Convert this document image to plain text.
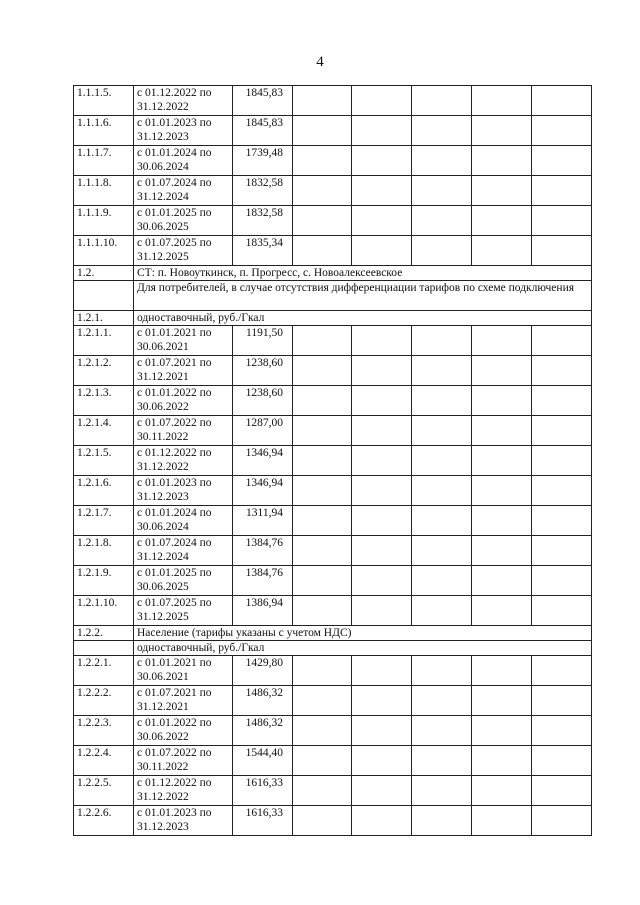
4
1.1.1.5.	с 01.12.2022 по 31.12.2022	1845,83					
1.1.1.6.	с 01.01.2023 по 31.12.2023	1845,83					
1.1.1.7.	с 01.01.2024 по 30.06.2024	1739,48					
1.1.1.8.	с 01.07.2024 по 31.12.2024	1832,58					
1.1.1.9.	с 01.01.2025 по 30.06.2025	1832,58					
1.1.1.10.	с 01.07.2025 по 31.12.2025	1835,34					
1.2.	СТ: п. Новоуткинск, п. Прогресс, с. Новоалексеевское						
	Для потребителей, в случае отсутствия дифференциации тарифов по схеме подключения						
1.2.1.	одноставочный, руб./Гкал						
1.2.1.1.	с 01.01.2021 по 30.06.2021	1191,50					
1.2.1.2.	с 01.07.2021 по 31.12.2021	1238,60					
1.2.1.3.	с 01.01.2022 по 30.06.2022	1238,60					
1.2.1.4.	с 01.07.2022 по 30.11.2022	1287,00					
1.2.1.5.	с 01.12.2022 по 31.12.2022	1346,94					
1.2.1.6.	с 01.01.2023 по 31.12.2023	1346,94					
1.2.1.7.	с 01.01.2024 по 30.06.2024	1311,94					
1.2.1.8.	с 01.07.2024 по 31.12.2024	1384,76					
1.2.1.9.	с 01.01.2025 по 30.06.2025	1384,76					
1.2.1.10.	с 01.07.2025 по 31.12.2025	1386,94					
1.2.2.	Население (тарифы указаны с учетом НДС)						
	одноставочный, руб./Гкал						
1.2.2.1.	с 01.01.2021 по 30.06.2021	1429,80					
1.2.2.2.	с 01.07.2021 по 31.12.2021	1486,32					
1.2.2.3.	с 01.01.2022 по 30.06.2022	1486,32					
1.2.2.4.	с 01.07.2022 по 30.11.2022	1544,40					
1.2.2.5.	с 01.12.2022 по 31.12.2022	1616,33					
1.2.2.6.	с 01.01.2023 по 31.12.2023	1616,33					
